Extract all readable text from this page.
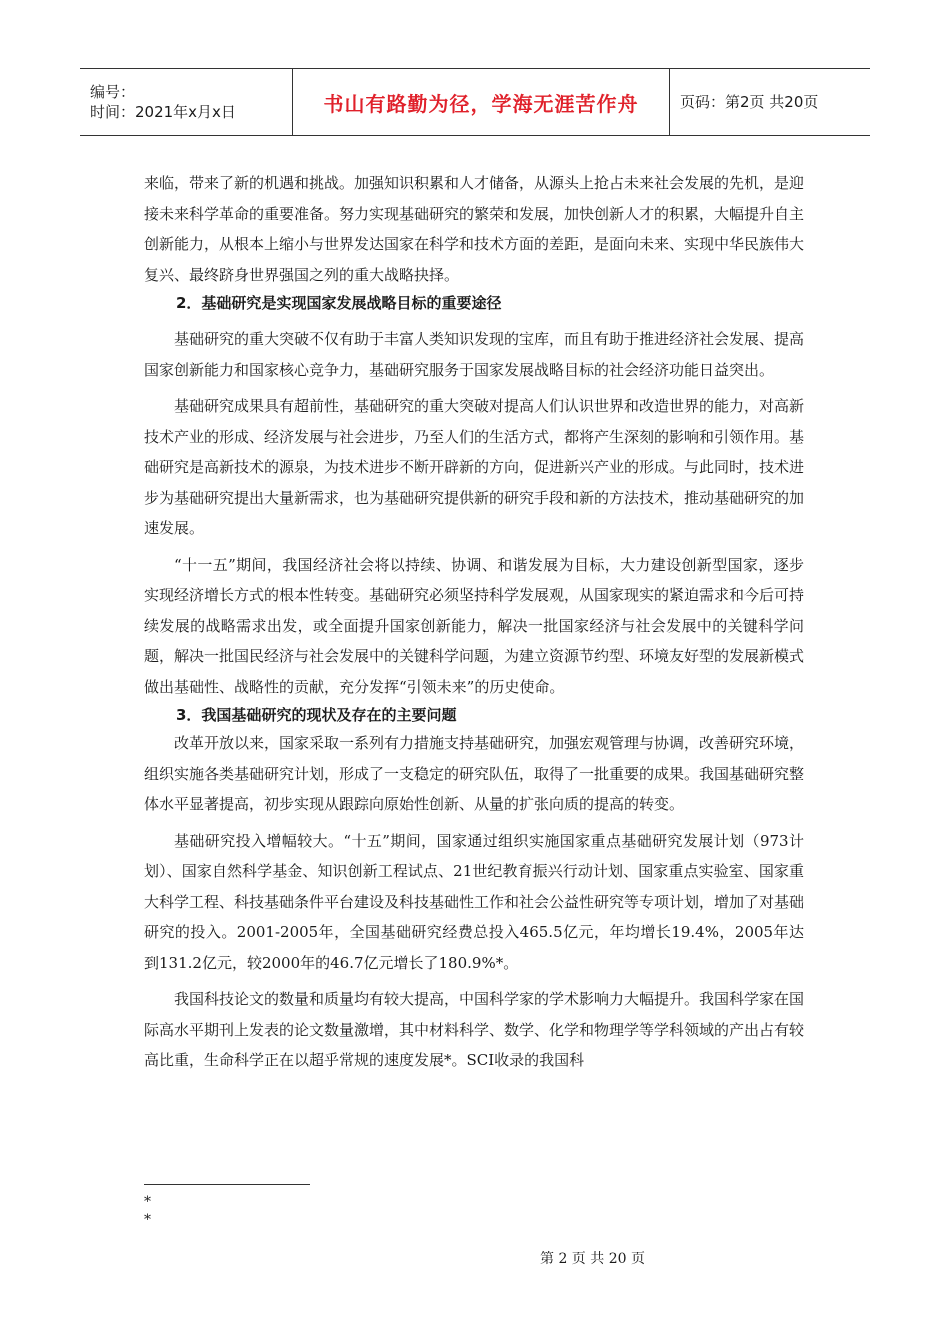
编号：
时间：2021年x月x日	书山有路勤为径，学海无涯苦作舟	页码：第2页 共20页

来临，带来了新的机遇和挑战。加强知识积累和人才储备，从源头上抢占未来社会发展的先机，是迎接未来科学革命的重要准备。努力实现基础研究的繁荣和发展，加快创新人才的积累，大幅提升自主创新能力，从根本上缩小与世界发达国家在科学和技术方面的差距，是面向未来、实现中华民族伟大复兴、最终跻身世界强国之列的重大战略抉择。

2．基础研究是实现国家发展战略目标的重要途径

基础研究的重大突破不仅有助于丰富人类知识发现的宝库，而且有助于推进经济社会发展、提高国家创新能力和国家核心竞争力，基础研究服务于国家发展战略目标的社会经济功能日益突出。

基础研究成果具有超前性，基础研究的重大突破对提高人们认识世界和改造世界的能力，对高新技术产业的形成、经济发展与社会进步，乃至人们的生活方式，都将产生深刻的影响和引领作用。基础研究是高新技术的源泉，为技术进步不断开辟新的方向，促进新兴产业的形成。与此同时，技术进步为基础研究提出大量新需求，也为基础研究提供新的研究手段和新的方法技术，推动基础研究的加速发展。

“十一五”期间，我国经济社会将以持续、协调、和谐发展为目标，大力建设创新型国家，逐步实现经济增长方式的根本性转变。基础研究必须坚持科学发展观，从国家现实的紧迫需求和今后可持续发展的战略需求出发，或全面提升国家创新能力，解决一批国家经济与社会发展中的关键科学问题，解决一批国民经济与社会发展中的关键科学问题，为建立资源节约型、环境友好型的发展新模式做出基础性、战略性的贡献，充分发挥“引领未来”的历史使命。

3．我国基础研究的现状及存在的主要问题

改革开放以来，国家采取一系列有力措施支持基础研究，加强宏观管理与协调，改善研究环境，组织实施各类基础研究计划，形成了一支稳定的研究队伍，取得了一批重要的成果。我国基础研究整体水平显著提高，初步实现从跟踪向原始性创新、从量的扩张向质的提高的转变。

基础研究投入增幅较大。“十五”期间，国家通过组织实施国家重点基础研究发展计划（973计划）、国家自然科学基金、知识创新工程试点、21世纪教育振兴行动计划、国家重点实验室、国家重大科学工程、科技基础条件平台建设及科技基础性工作和社会公益性研究等专项计划，增加了对基础研究的投入。2001-2005年，全国基础研究经费总投入465.5亿元，年均增长19.4%，2005年达到131.2亿元，较2000年的46.7亿元增长了180.9%*。

我国科技论文的数量和质量均有较大提高，中国科学家的学术影响力大幅提升。我国科学家在国际高水平期刊上发表的论文数量激增，其中材料科学、数学、化学和物理学等学科领域的产出占有较高比重，生命科学正在以超乎常规的速度发展*。SCI收录的我国科

*
*
第 2 页 共 20 页
